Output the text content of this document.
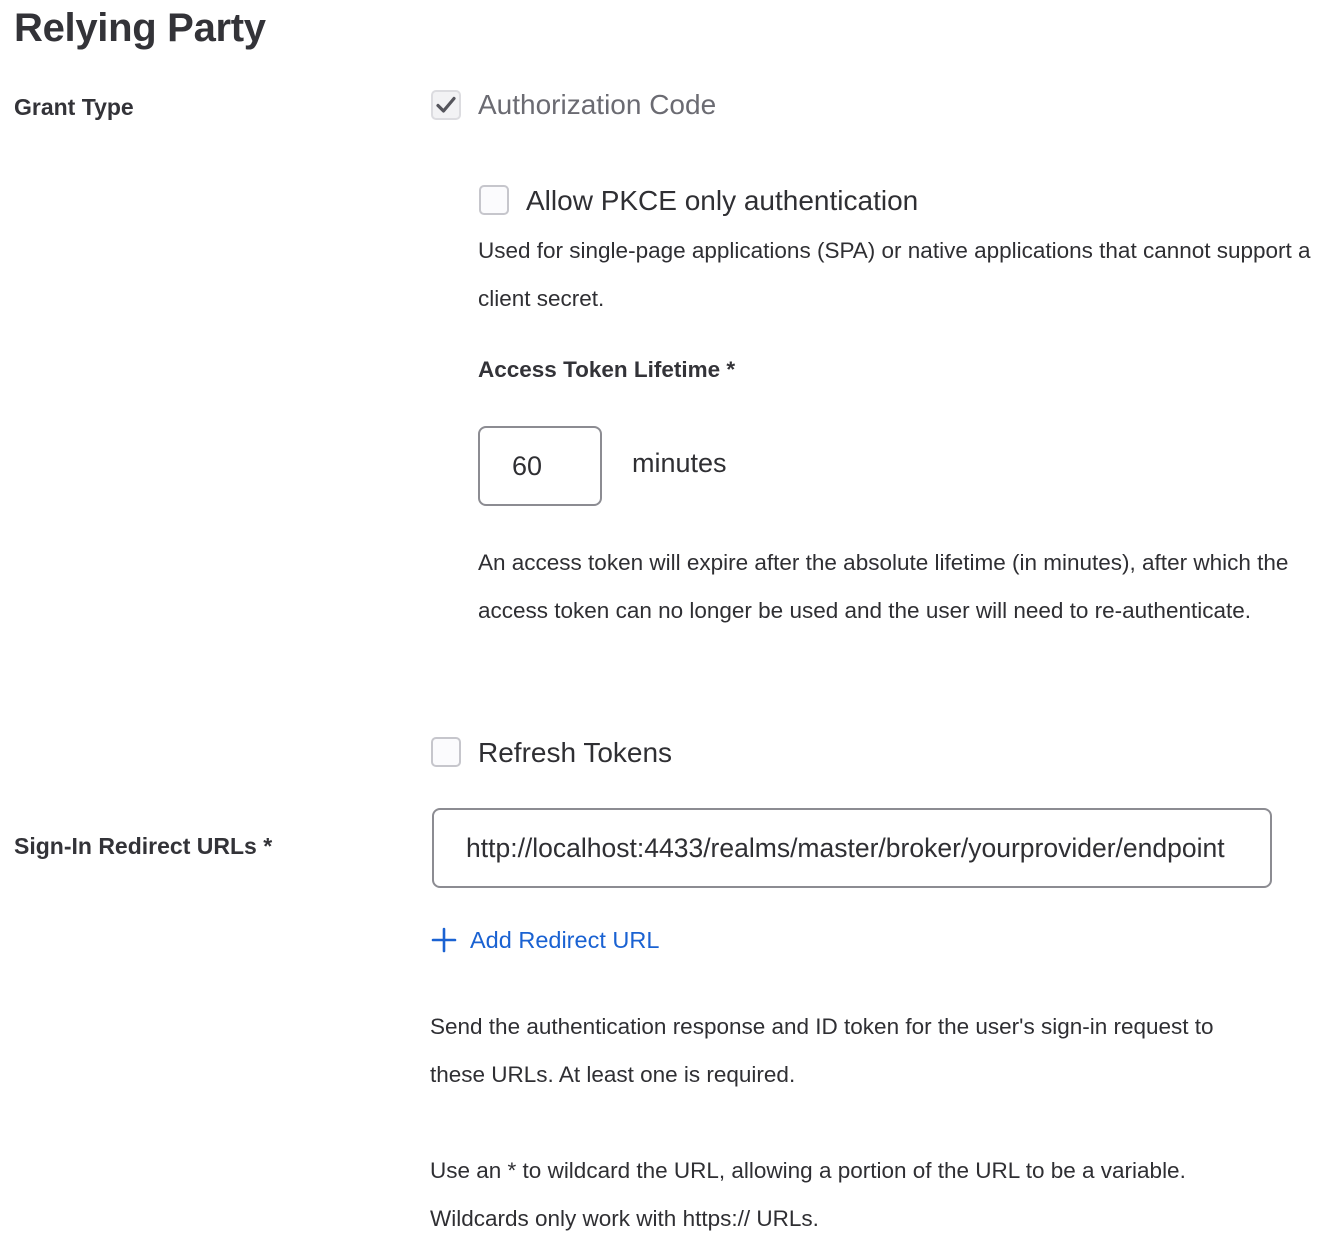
Relying Party
Grant Type	Authorization Code
Allow PKCE only authentication
Used for single-page applications (SPA) or native applications that cannot support a client secret.
Access Token Lifetime *
60
minutes
An access token will expire after the absolute lifetime (in minutes), after which the access token can no longer be used and the user will need to re-authenticate.
Refresh Tokens
Sign-In Redirect URLs *
http://localhost:4433/realms/master/broker/yourprovider/endpoint
Add Redirect URL
Send the authentication response and ID token for the user's sign-in request to these URLs. At least one is required.
Use an * to wildcard the URL, allowing a portion of the URL to be a variable. Wildcards only work with https:// URLs.
